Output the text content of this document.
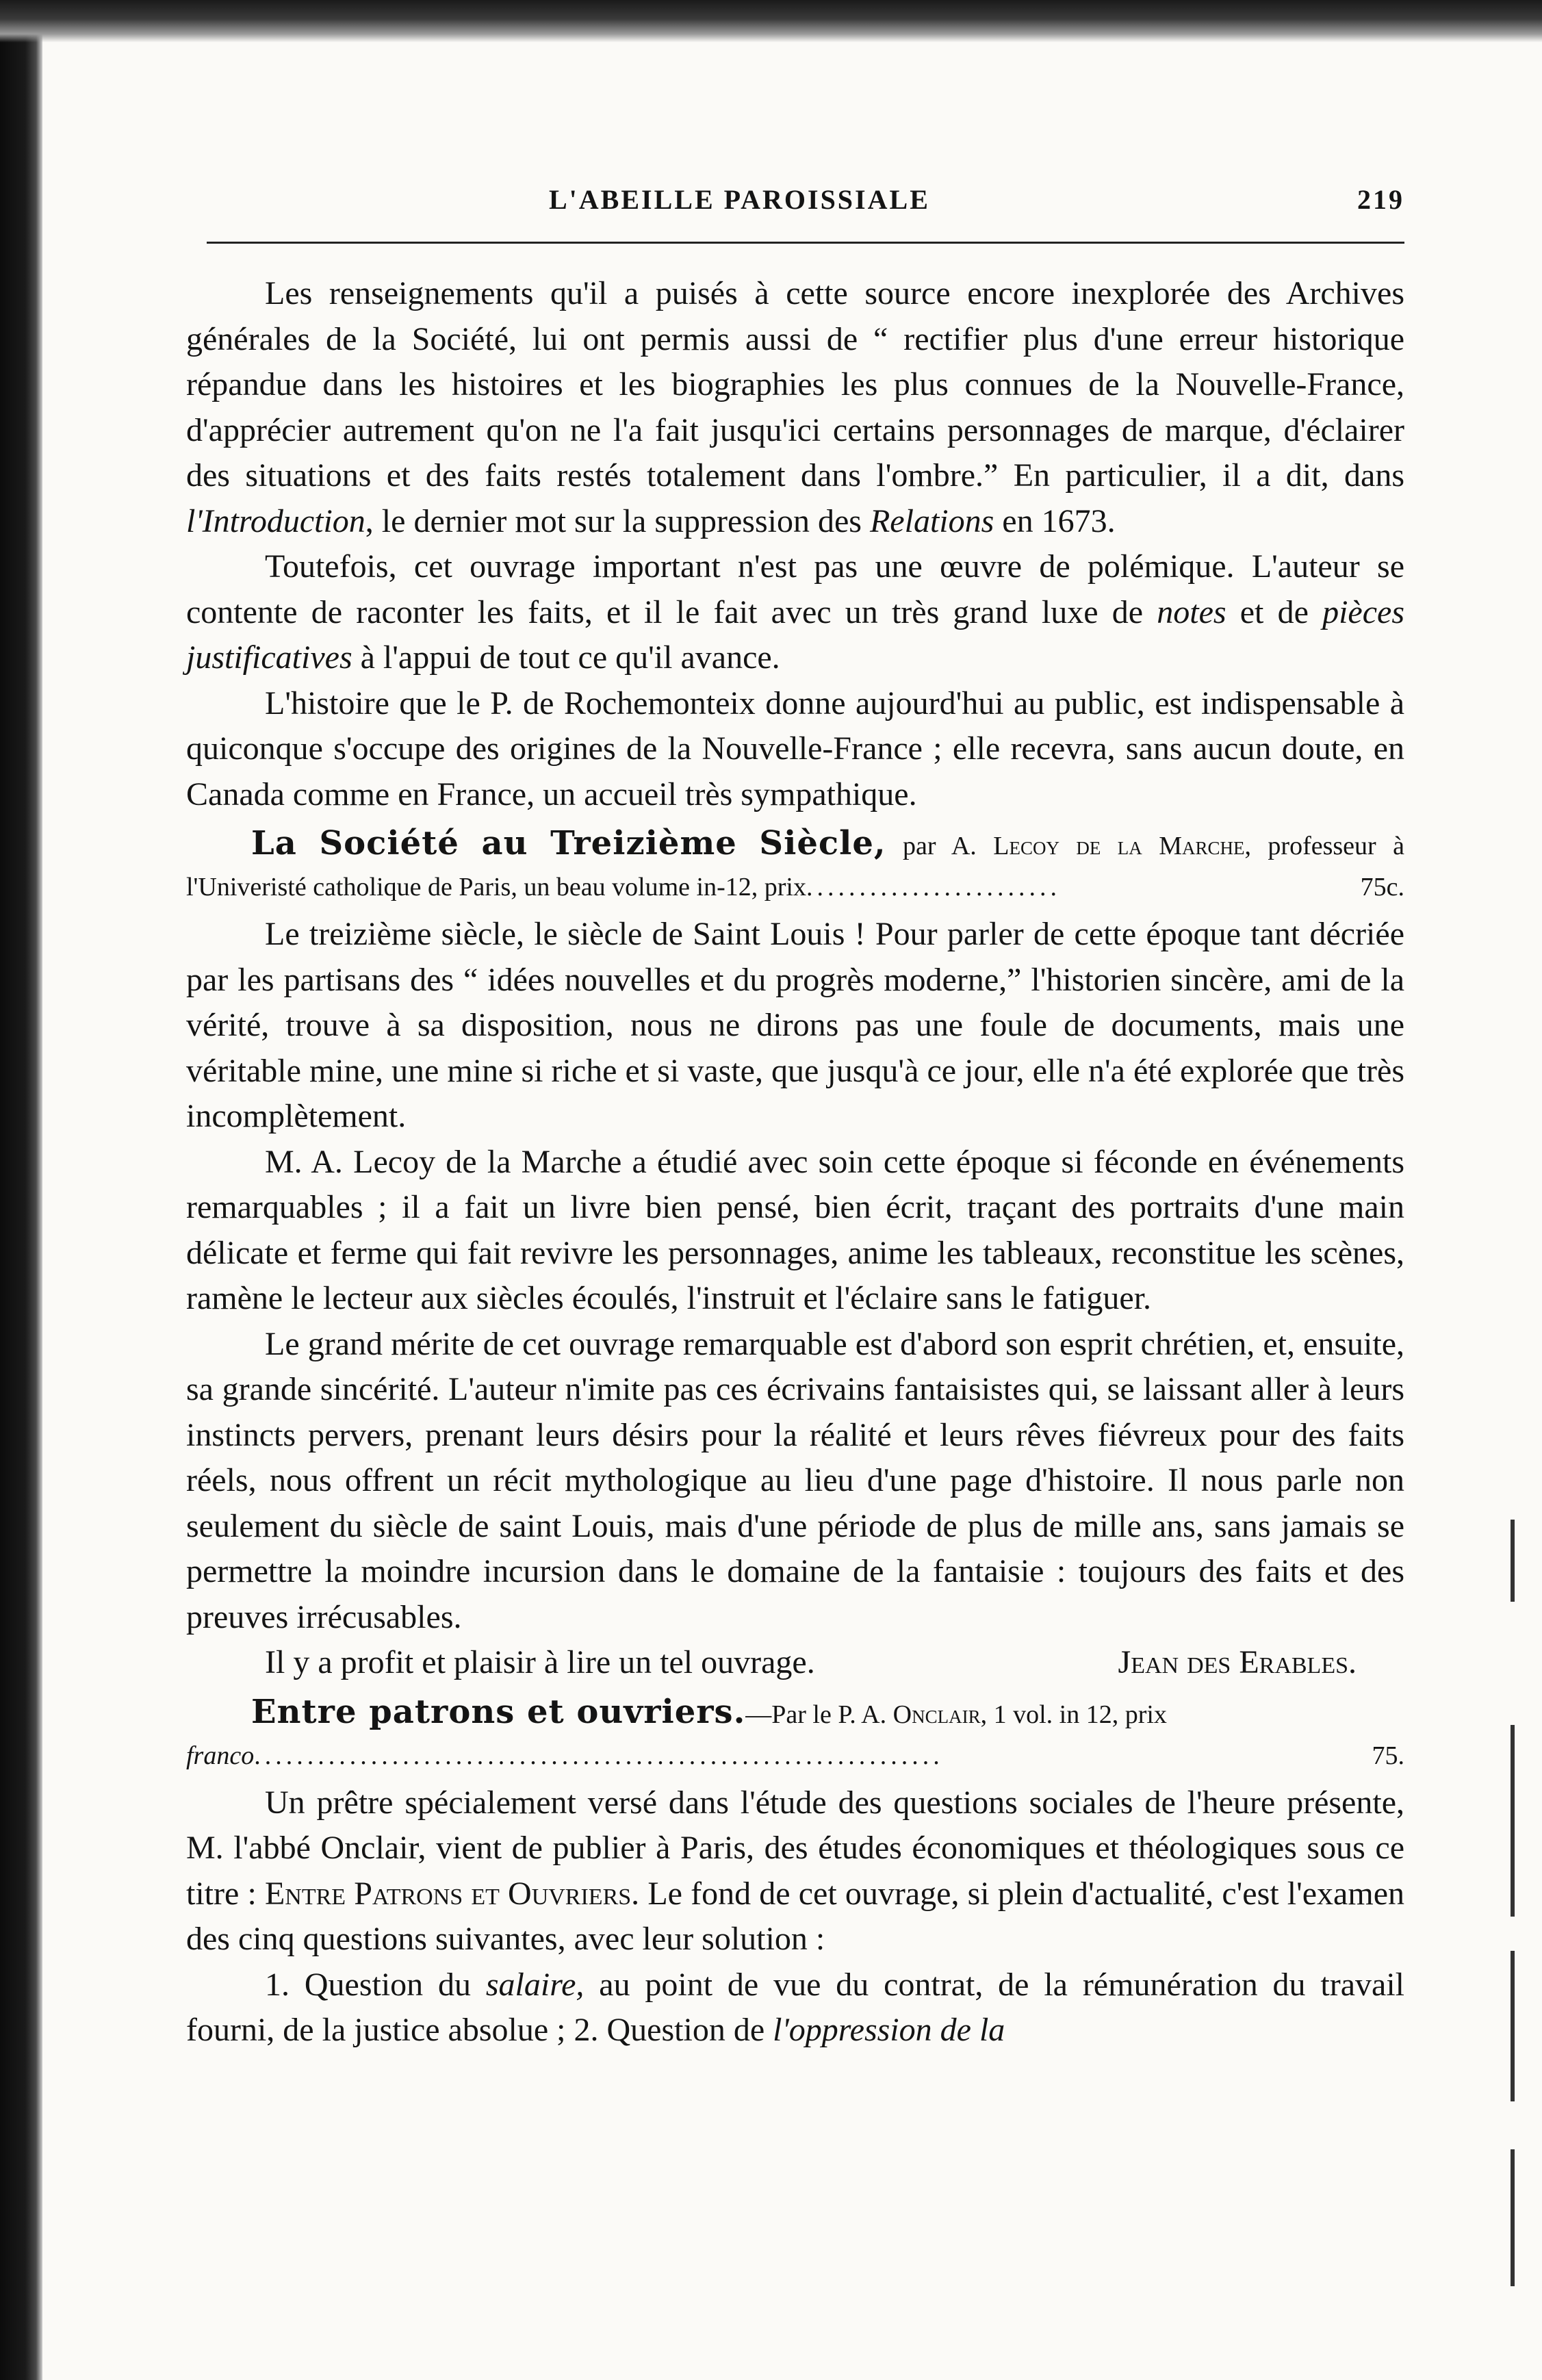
L'ABEILLE PAROISSIALE	219

Les renseignements qu'il a puisés à cette source encore inexplorée des Archives générales de la Société, lui ont permis aussi de “ rectifier plus d'une erreur historique répandue dans les histoires et les biographies les plus connues de la Nouvelle-France, d'apprécier autrement qu'on ne l'a fait jusqu'ici certains personnages de marque, d'éclairer des situations et des faits restés totalement dans l'ombre.” En particulier, il a dit, dans l'Introduction, le dernier mot sur la suppression des Relations en 1673.

Toutefois, cet ouvrage important n'est pas une œuvre de polémique. L'auteur se contente de raconter les faits, et il le fait avec un très grand luxe de notes et de pièces justificatives à l'appui de tout ce qu'il avance.

L'histoire que le P. de Rochemonteix donne aujourd'hui au public, est indispensable à quiconque s'occupe des origines de la Nouvelle-France ; elle recevra, sans aucun doute, en Canada comme en France, un accueil très sympathique.

La Société au Treizième Siècle, par A. Lecoy de la Marche, professeur à l'Univeristé catholique de Paris, un beau volume in-12, prix........................	75c.

Le treizième siècle, le siècle de Saint Louis ! Pour parler de cette époque tant décriée par les partisans des “ idées nouvelles et du progrès moderne,” l'historien sincère, ami de la vérité, trouve à sa disposition, nous ne dirons pas une foule de documents, mais une véritable mine, une mine si riche et si vaste, que jusqu'à ce jour, elle n'a été explorée que très incomplètement.

M. A. Lecoy de la Marche a étudié avec soin cette époque si féconde en événements remarquables ; il a fait un livre bien pensé, bien écrit, traçant des portraits d'une main délicate et ferme qui fait revivre les personnages, anime les tableaux, reconstitue les scènes, ramène le lecteur aux siècles écoulés, l'instruit et l'éclaire sans le fatiguer.

Le grand mérite de cet ouvrage remarquable est d'abord son esprit chrétien, et, ensuite, sa grande sincérité. L'auteur n'imite pas ces écrivains fantaisistes qui, se laissant aller à leurs instincts pervers, prenant leurs désirs pour la réalité et leurs rêves fiévreux pour des faits réels, nous offrent un récit mythologique au lieu d'une page d'histoire. Il nous parle non seulement du siècle de saint Louis, mais d'une période de plus de mille ans, sans jamais se permettre la moindre incursion dans le domaine de la fantaisie : toujours des faits et des preuves irrécusables.

Il y a profit et plaisir à lire un tel ouvrage.	Jean des Erables.

Entre patrons et ouvriers.—Par le P. A. Onclair, 1 vol. in 12, prix
franco.................................................................	75.

Un prêtre spécialement versé dans l'étude des questions sociales de l'heure présente, M. l'abbé Onclair, vient de publier à Paris, des études économiques et théologiques sous ce titre : Entre Patrons et Ouvriers. Le fond de cet ouvrage, si plein d'actualité, c'est l'examen des cinq questions suivantes, avec leur solution :

1. Question du salaire, au point de vue du contrat, de la rémunération du travail fourni, de la justice absolue ; 2. Question de l'oppression de la
